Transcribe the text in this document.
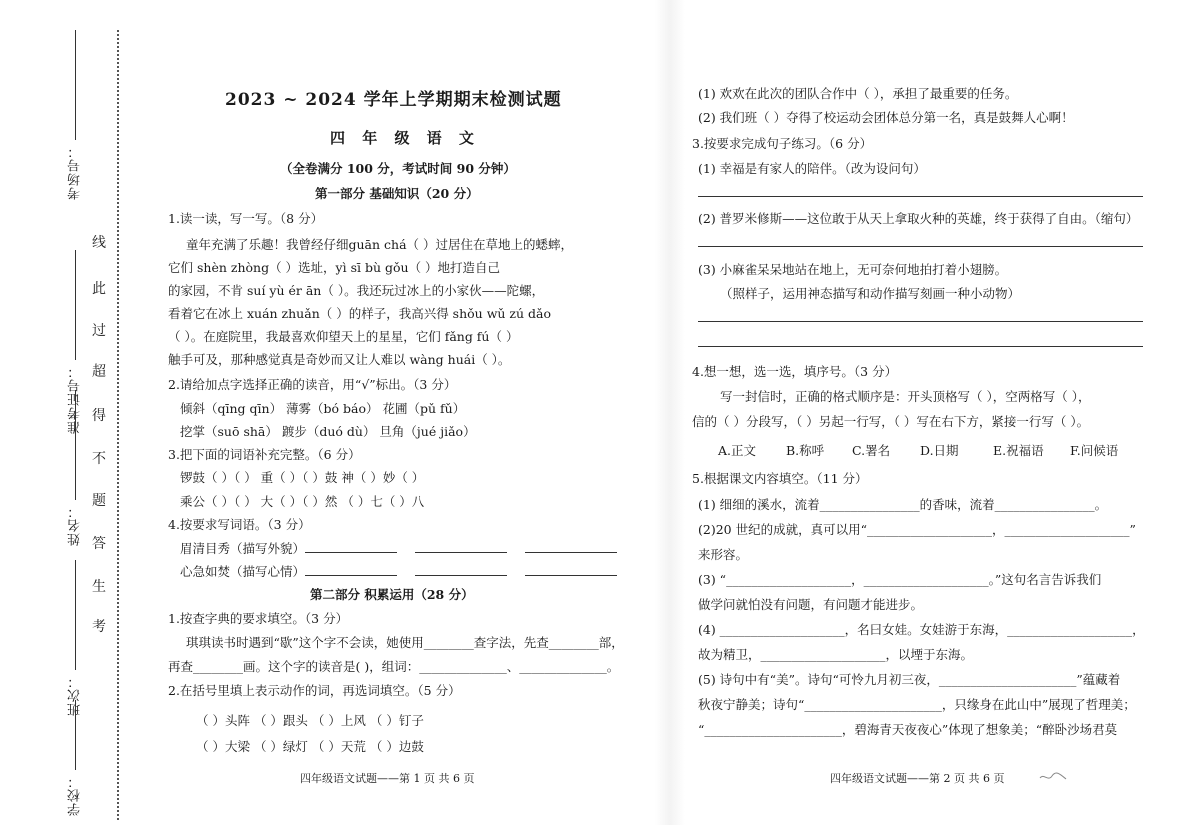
考场号：
准考证号：
姓名：
班次：
学校：
线
此
过
超
得
不
题
答
生
考
2023 ~ 2024 学年上学期期末检测试题
四 年 级 语 文
（全卷满分 100 分，考试时间 90 分钟）
第一部分 基础知识（20 分）
1.读一读，写一写。（8 分）
童年充满了乐趣！我曾经仔细guān chá（ ）过居住在草地上的蟋蟀，
它们 shèn zhòng（ ）选址，yì sī bù gǒu（ ）地打造自己
的家园，不肯 suí yù ér ān（ ）。我还玩过冰上的小家伙——陀螺，
看着它在冰上 xuán zhuǎn（ ）的样子，我高兴得 shǒu wǔ zú dǎo
（ ）。在庭院里，我最喜欢仰望天上的星星，它们 fǎng fú（ ）
触手可及，那种感觉真是奇妙而又让人难以 wàng huái（ ）。
2.请给加点字选择正确的读音，用“√”标出。（3 分）
倾斜（qīng qīn） 薄雾（bó báo） 花圃（pǔ fǔ）
挖掌（suō shā） 踱步（duó dù） 旦角（jué jiǎo）
3.把下面的词语补充完整。（6 分）
锣鼓（ ）（ ） 重（ ）（ ）鼓 神（ ）妙（ ）
乘公（ ）（ ） 大（ ）（ ）然 （ ）七（ ）八
4.按要求写词语。（3 分）
眉清目秀（描写外貌）
心急如焚（描写心情）
第二部分 积累运用（28 分）
1.按查字典的要求填空。（3 分）
琪琪读书时遇到“歇”这个字不会读，她使用________查字法，先查________部，
再查________画。这个字的读音是( )，组词：______________、______________。
2.在括号里填上表示动作的词，再选词填空。（5 分）
（ ）头阵 （ ）跟头 （ ）上风 （ ）钉子
（ ）大梁 （ ）绿灯 （ ）天荒 （ ）边鼓
四年级语文试题——第 1 页 共 6 页
(1) 欢欢在此次的团队合作中（ ），承担了最重要的任务。
(2) 我们班（ ）夺得了校运动会团体总分第一名，真是鼓舞人心啊！
3.按要求完成句子练习。（6 分）
(1) 幸福是有家人的陪伴。（改为设问句）
(2) 普罗米修斯——这位敢于从天上拿取火种的英雄，终于获得了自由。（缩句）
(3) 小麻雀呆呆地站在地上，无可奈何地拍打着小翅膀。
（照样子，运用神态描写和动作描写刻画一种小动物）
4.想一想，选一选，填序号。（3 分）
写一封信时，正确的格式顺序是：开头顶格写（ ），空两格写（ ），
信的（ ）分段写，（ ）另起一行写，（ ）写在右下方，紧接一行写（ ）。
A.正文 B.称呼 C.署名 D.日期	E.祝福语 F.问候语
5.根据课文内容填空。（11 分）
(1) 细细的溪水，流着________________的香味，流着________________。
(2)20 世纪的成就，真可以用“____________________，____________________”
来形容。
(3) “____________________，____________________。”这句名言告诉我们
做学问就怕没有问题，有问题才能进步。
(4) ____________________，名曰女娃。女娃游于东海，____________________，
故为精卫，____________________，以堙于东海。
(5) 诗句中有“美”。诗句“可怜九月初三夜，______________________”蕴藏着
秋夜宁静美；诗句“______________________，只缘身在此山中”展现了哲理美；
“______________________，碧海青天夜夜心”体现了想象美；“醉卧沙场君莫
四年级语文试题——第 2 页 共 6 页
